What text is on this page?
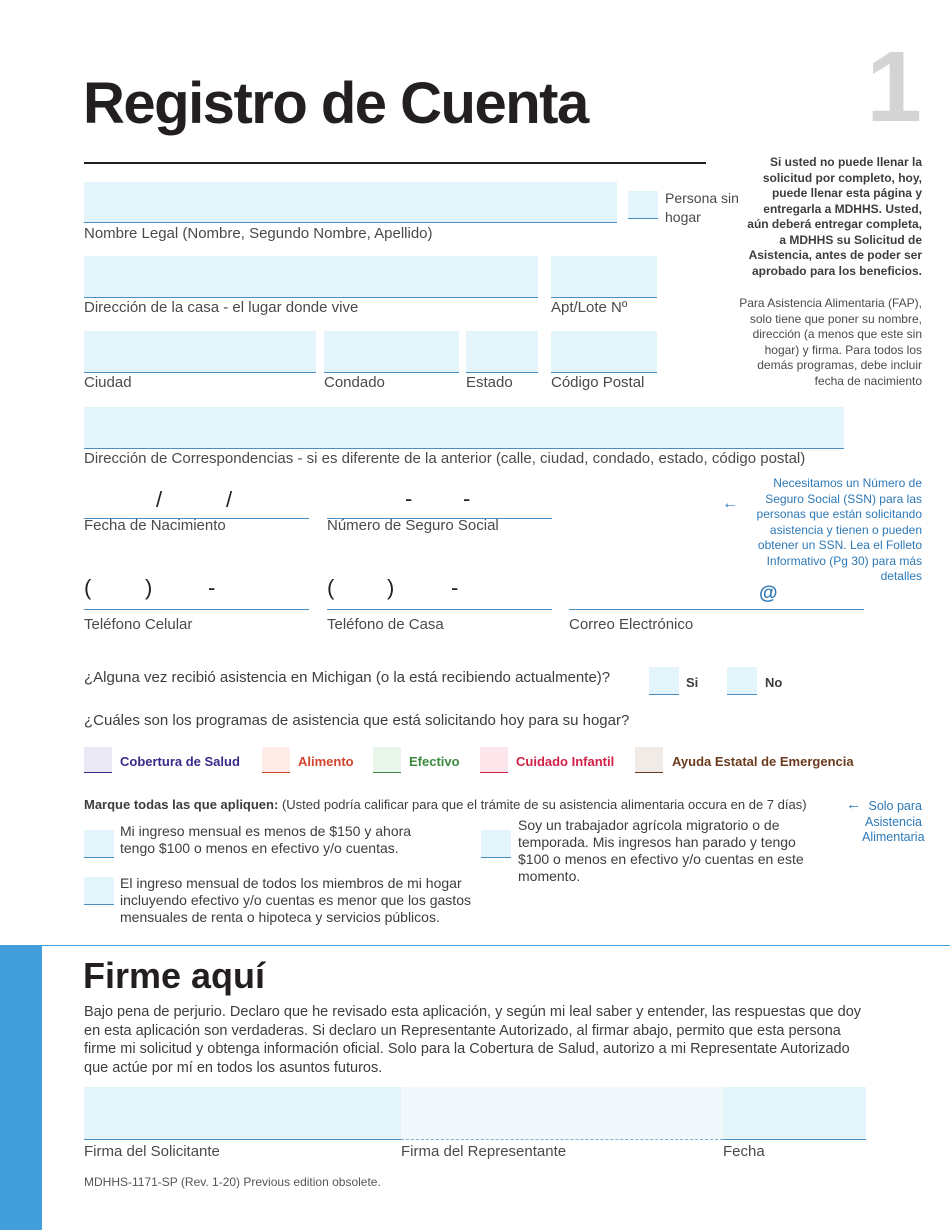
Registro de Cuenta	1
Si usted no puede llenar la solicitud por completo, hoy, puede llenar esta página y entregarla a MDHHS. Usted, aún deberá entregar completa, a MDHHS su Solicitud de Asistencia, antes de poder ser aprobado para los beneficios.
Para Asistencia Alimentaria (FAP), solo tiene que poner su nombre, dirección (a menos que este sin hogar) y firma. Para todos los demás programas, debe incluir fecha de nacimiento
Nombre Legal (Nombre, Segundo Nombre, Apellido)
Persona sin hogar
Dirección de la casa - el lugar donde vive	Apt/Lote Nº
Ciudad	Condado	Estado	Código Postal
Dirección de Correspondencias - si es diferente de la anterior (calle, ciudad, condado, estado, código postal)
/	/
Fecha de Nacimiento
- -
Número de Seguro Social
←
Necesitamos un Número de Seguro Social (SSN) para las personas que están solicitando asistencia y tienen o pueden obtener un SSN. Lea el Folleto Informativo (Pg 30) para más detalles
( )	-
Teléfono Celular
( )	-
Teléfono de Casa
@
Correo Electrónico
¿Alguna vez recibió asistencia en Michigan (o la está recibiendo actualmente)?	Si	No
¿Cuáles son los programas de asistencia que está solicitando hoy para su hogar?
Cobertura de Salud	Alimento	Efectivo	Cuidado Infantil	Ayuda Estatal de Emergencia
Marque todas las que apliquen: (Usted podría calificar para que el trámite de su asistencia alimentaria occura en de 7 días)	← Solo para Asistencia Alimentaria
Mi ingreso mensual es menos de $150 y ahora tengo $100 o menos en efectivo y/o cuentas.
El ingreso mensual de todos los miembros de mi hogar incluyendo efectivo y/o cuentas es menor que los gastos mensuales de renta o hipoteca y servicios públicos.
Soy un trabajador agrícola migratorio o de temporada. Mis ingresos han parado y tengo $100 o menos en efectivo y/o cuentas en este momento.
Firme aquí
Bajo pena de perjurio. Declaro que he revisado esta aplicación, y según mi leal saber y entender, las respuestas que doy en esta aplicación son verdaderas. Si declaro un Representante Autorizado, al firmar abajo, permito que esta persona firme mi solicitud y obtenga información oficial. Solo para la Cobertura de Salud, autorizo a mi Representate Autorizado que actúe por mí en todos los asuntos futuros.
Firma del Solicitante	Firma del Representante	Fecha
MDHHS-1171-SP (Rev. 1-20) Previous edition obsolete.
